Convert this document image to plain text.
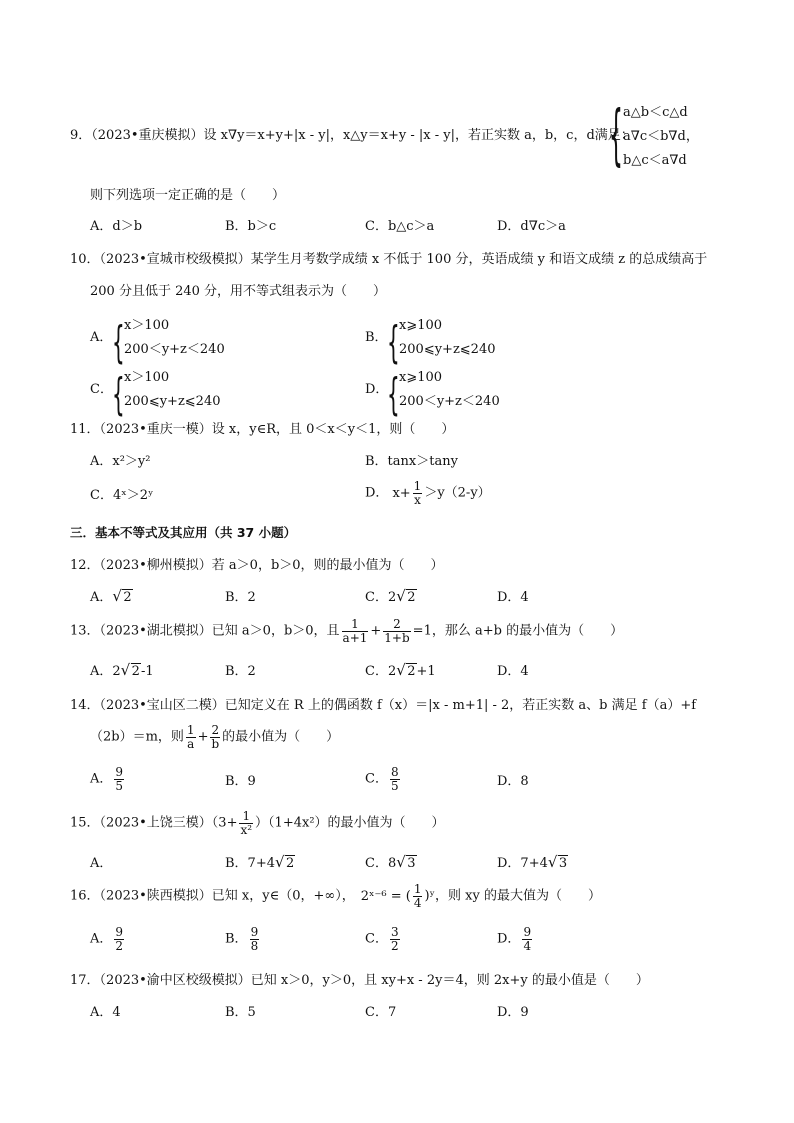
9．（2023•重庆模拟）设 x∇y＝x+y+|x - y|，x△y＝x+y - |x - y|，若正实数 a，b，c，d满足：
{ a△b＜c△d
a∇c＜b∇d，
b△c＜a∇d
则下列选项一定正确的是（　　）
A．d＞b	B．b＞c	C．b△c＞a	D．d∇c＞a
10．（2023•宣城市校级模拟）某学生月考数学成绩 x 不低于 100 分，英语成绩 y 和语文成绩 z 的总成绩高于
200 分且低于 240 分，用不等式组表示为（　　）
A． { x＞100
200＜y+z＜240
B． { x⩾100
200⩽y+z⩽240
C． { x＞100
200⩽y+z⩽240
D．
{ x⩾100
200＜y+z＜240
11．（2023•重庆一模）设 x，y∈R，且 0＜x＜y＜1，则（　　）
A．x²＞y²	B．tanx＞tany
C．4ˣ＞2ʸ	D． $x+ \frac{1}{x} >y(2-y)$
三．基本不等式及其应用（共 37 小题）
12．（2023•柳州模拟）若 a＞0，b＞0，则的最小值为（　　）
A． √ 2	B．2	C．2 √ 2	D．4
13．（2023•湖北模拟）已知 a＞0，b＞0，且 $\frac{1}{a+1} + \frac{2}{1+b} =1$，那么 a+b 的最小值为（　　）
A．2 √ 2-1	B．2	C．2 √ 2+1	D．4
14．（2023•宝山区二模）已知定义在 R 上的偶函数 f（x）＝|x - m+1| - 2，若正实数 a、b 满足 f（a）+f
（2b）＝m，则 $\frac{1}{a} + \frac{2}{b}$ 的最小值为（　　）
A． $\frac{9}{5}$	B．9	C． $\frac{8}{5}$	D．8
15．（2023•上饶三模）$(3+ \frac{1}{\text{x²}} )(1+4x^2)$的最小值为（　　）
A．	B．7+4 √ 2	C．8 √ 3	D．7+4 √ 3
16．（2023•陕西模拟）已知 x，y∈（0，+∞）， 2ˣ⁻⁶ = ( $\frac{1}{4}$ )ʸ，则 xy 的最大值为（　　）
A． $\frac{9}{2}$	B． $\frac{9}{8}$	C． $\frac{3}{2}$	D． $\frac{9}{4}$
17．（2023•渝中区校级模拟）已知 x＞0，y＞0，且 xy+x - 2y＝4，则 2x+y 的最小值是（　　）
A．4	B．5	C．7	D．9
